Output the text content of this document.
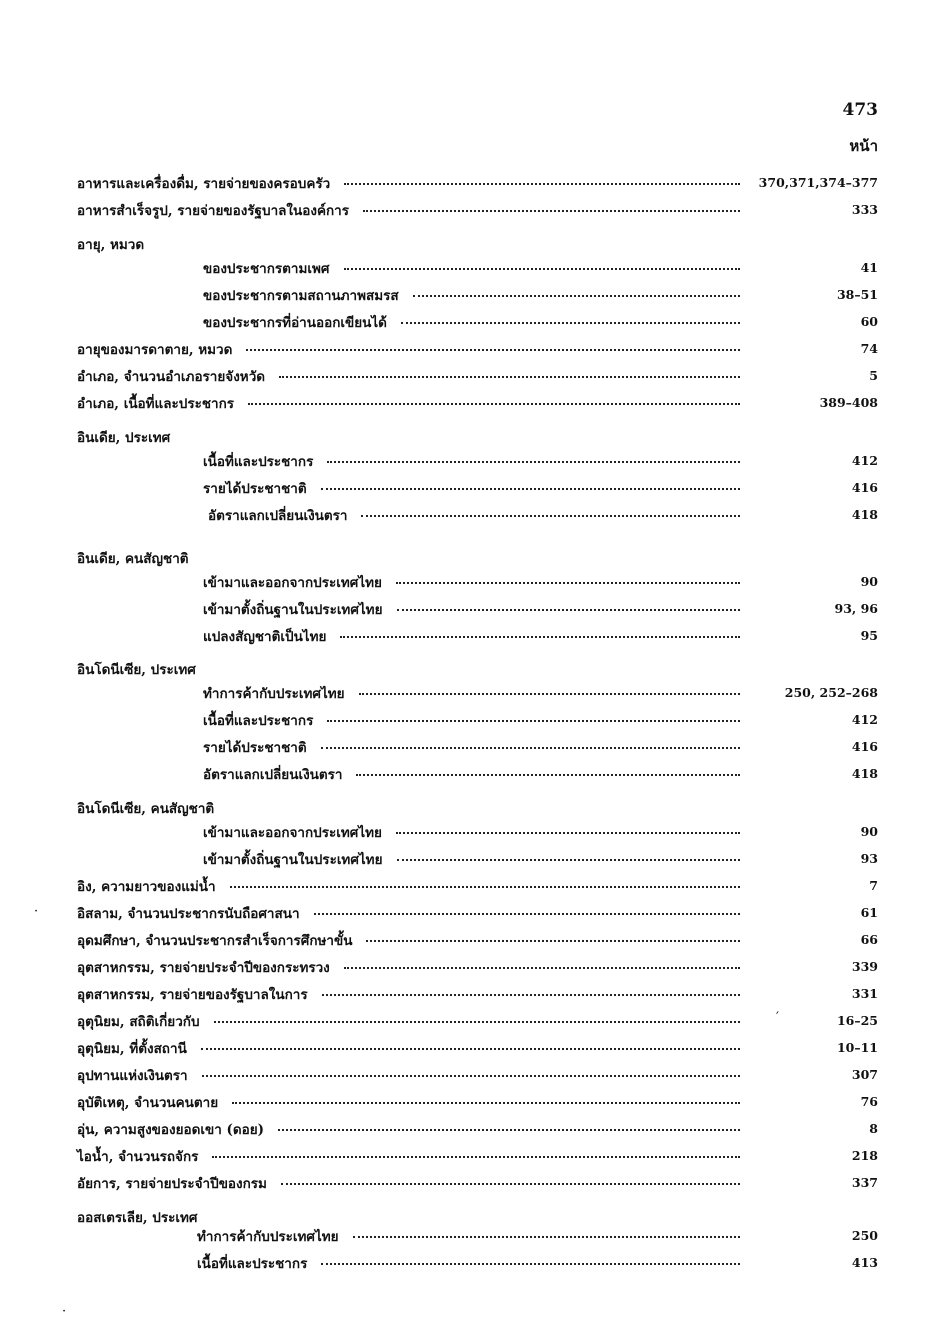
473
หน้า
อาหารและเครื่องดื่ม, รายจ่ายของครอบครัว	370,371,374–377
อาหารสำเร็จรูป, รายจ่ายของรัฐบาลในองค์การ	333
อายุ, หมวด
ของประชากรตามเพศ	41
ของประชากรตามสถานภาพสมรส	38–51
ของประชากรที่อ่านออกเขียนได้	60
อายุของมารดาตาย, หมวด	74
อำเภอ, จำนวนอำเภอรายจังหวัด	5
อำเภอ, เนื้อที่และประชากร	389–408
อินเดีย, ประเทศ
เนื้อที่และประชากร	412
รายได้ประชาชาติ	416
อัตราแลกเปลี่ยนเงินตรา	418
อินเดีย, คนสัญชาติ
เข้ามาและออกจากประเทศไทย	90
เข้ามาตั้งถิ่นฐานในประเทศไทย	93, 96
แปลงสัญชาติเป็นไทย	95
อินโดนีเซีย, ประเทศ
ทำการค้ากับประเทศไทย	250, 252–268
เนื้อที่และประชากร	412
รายได้ประชาชาติ	416
อัตราแลกเปลี่ยนเงินตรา	418
อินโดนีเซีย, คนสัญชาติ
เข้ามาและออกจากประเทศไทย	90
เข้ามาตั้งถิ่นฐานในประเทศไทย	93
อิง, ความยาวของแม่น้ำ	7
อิสลาม, จำนวนประชากรนับถือศาสนา	61
อุดมศึกษา, จำนวนประชากรสำเร็จการศึกษาขั้น	66
อุตสาหกรรม, รายจ่ายประจำปีของกระทรวง	339
อุตสาหกรรม, รายจ่ายของรัฐบาลในการ	331
อุตุนิยม, สถิติเกี่ยวกับ	16–25
อุตุนิยม, ที่ตั้งสถานี	10–11
อุปทานแห่งเงินตรา	307
อุบัติเหตุ, จำนวนคนตาย	76
อุ่น, ความสูงของยอดเขา (ดอย)	8
ไอน้ำ, จำนวนรถจักร	218
อัยการ, รายจ่ายประจำปีของกรม	337
ออสเตรเลีย, ประเทศ
ทำการค้ากับประเทศไทย	250
เนื้อที่และประชากร	413
′
·
·
